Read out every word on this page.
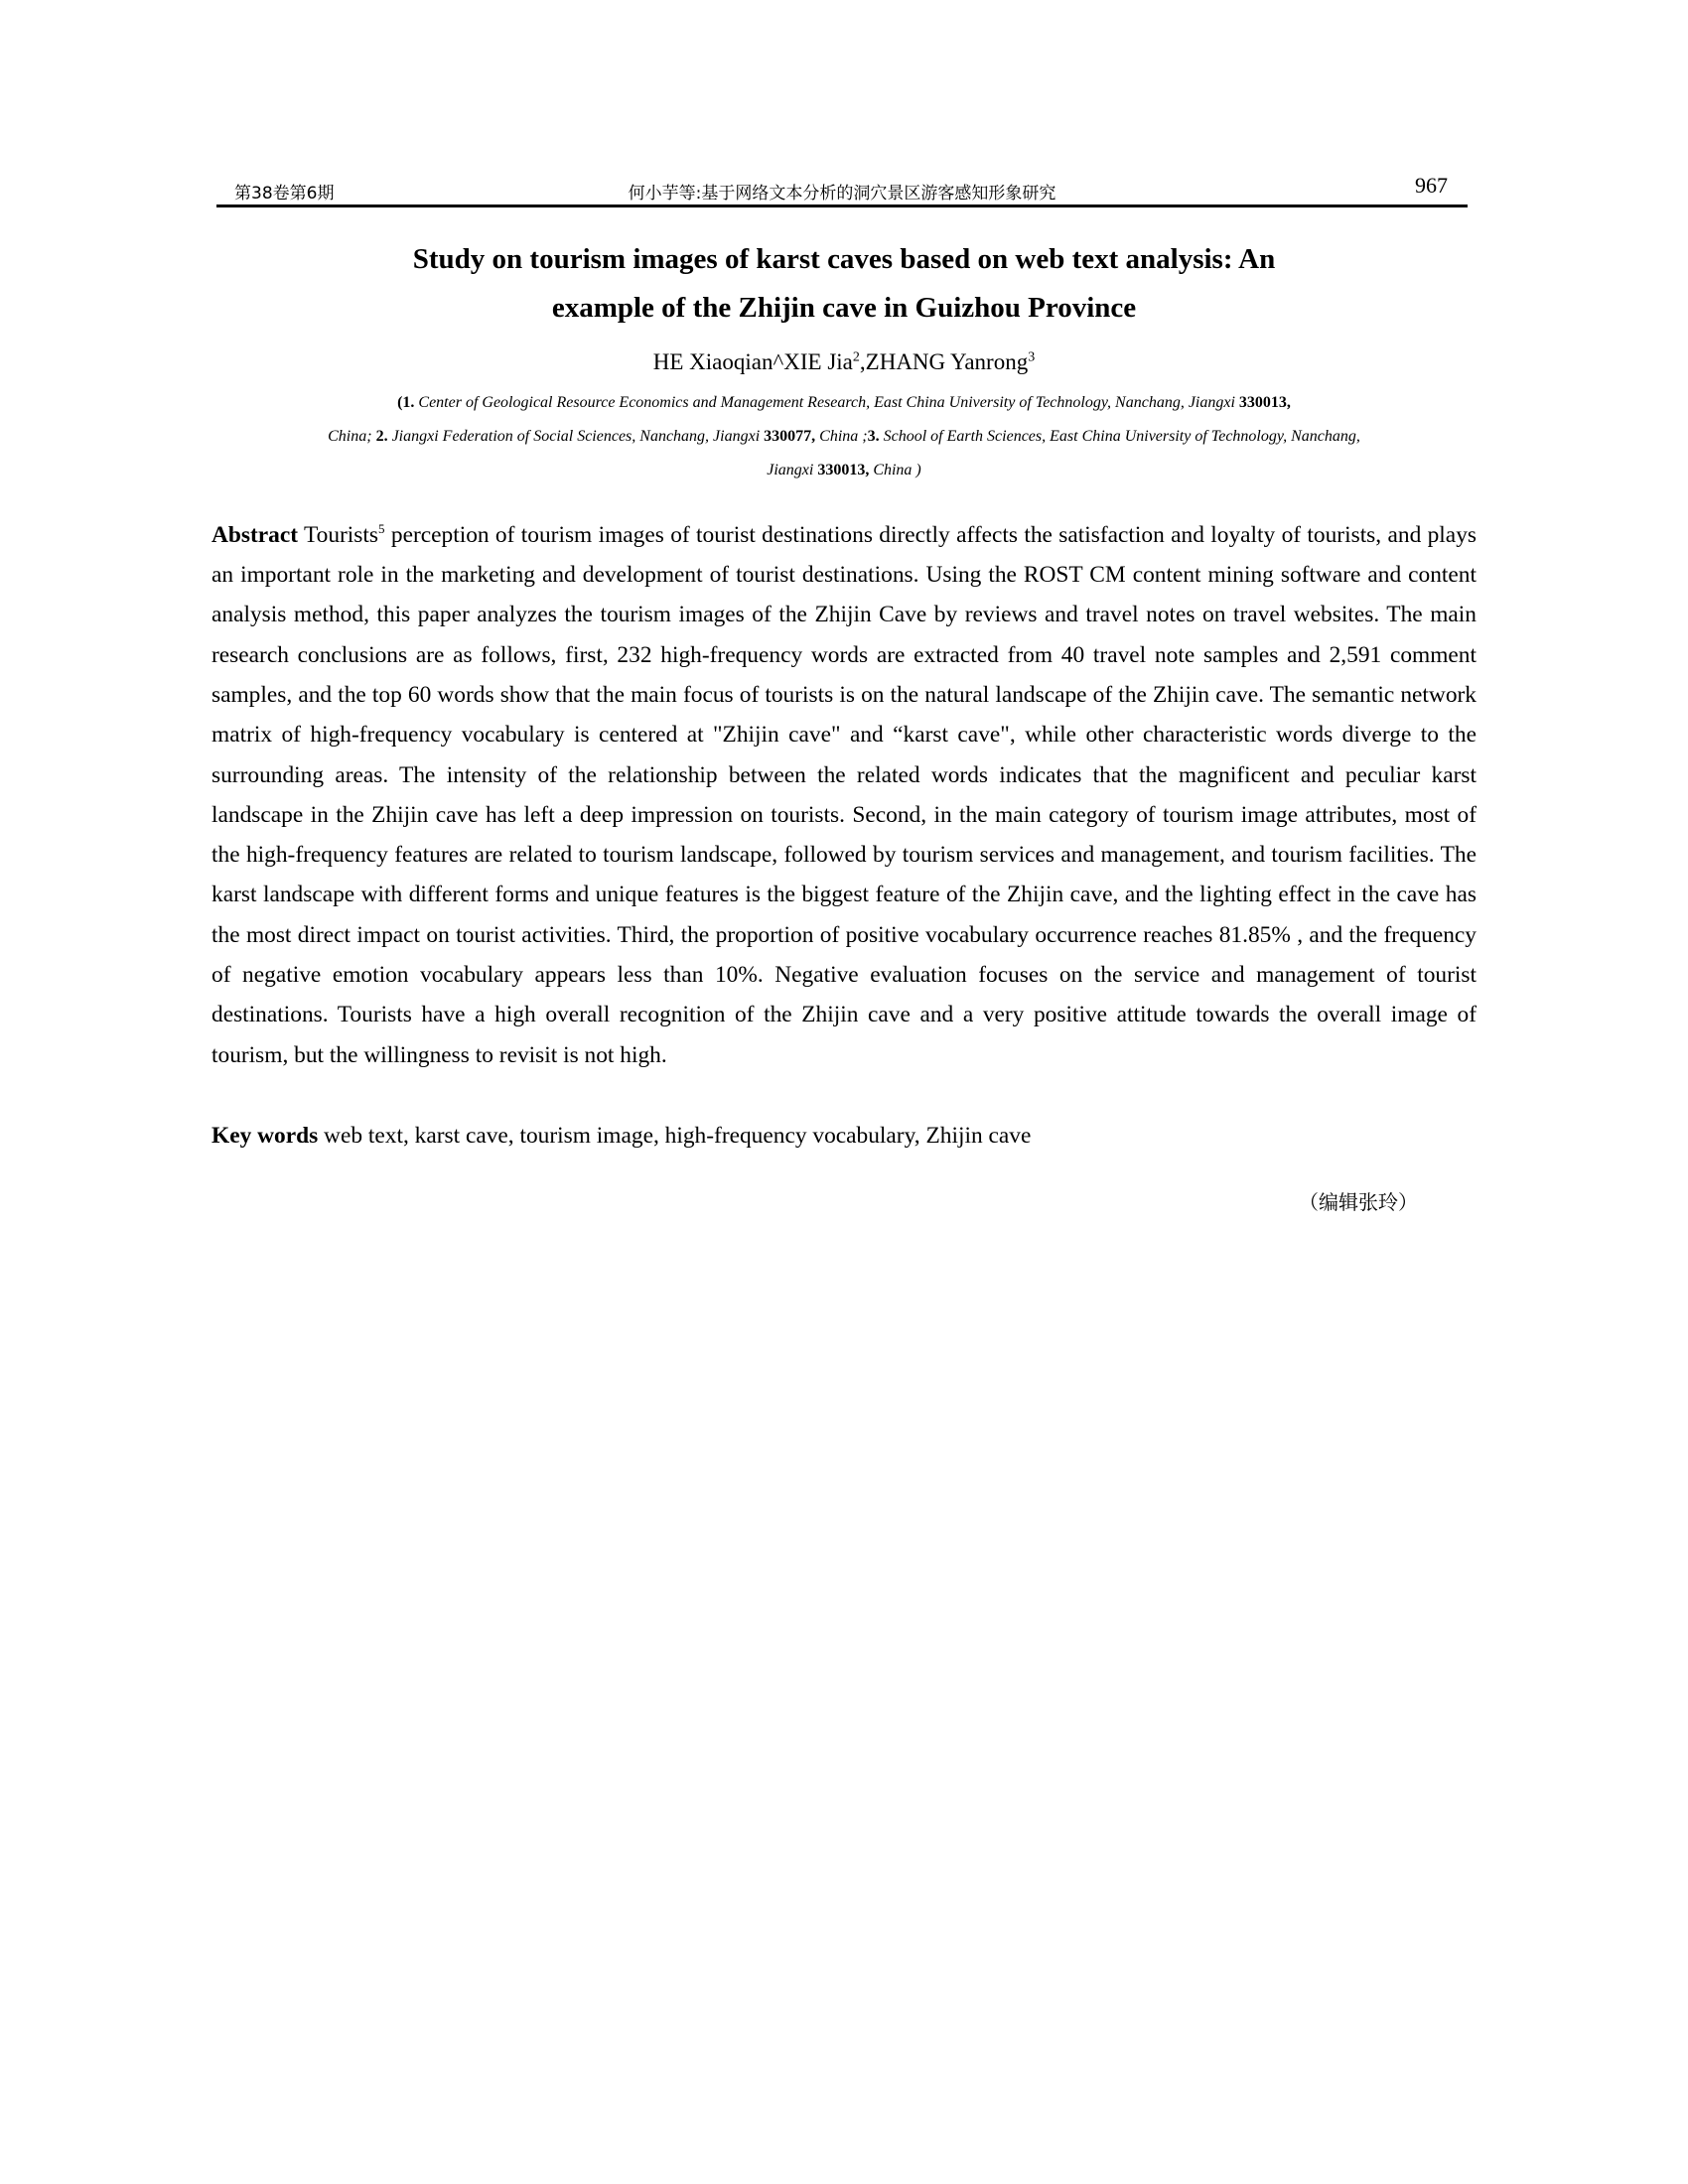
第38卷第6期	何小芋等:基于网络文本分析的洞穴景区游客感知形象研究	967
Study on tourism images of karst caves based on web text analysis: An
example of the Zhijin cave in Guizhou Province
HE Xiaoqian^XIE Jia$^2$,ZHANG Yanrong$^3$
(1. Center of Geological Resource Economics and Management Research, East China University of Technology, Nanchang, Jiangxi 330013,
China; 2. Jiangxi Federation of Social Sciences, Nanchang, Jiangxi 330077, China ;3. School of Earth Sciences, East China University of Technology, Nanchang, Jiangxi 330013, China )
Abstract Tourists$^5$ perception of tourism images of tourist destinations directly affects the satisfaction and loyalty of tourists, and plays an important role in the marketing and development of tourist destinations. Using the ROST CM content mining software and content analysis method, this paper analyzes the tourism images of the Zhijin Cave by reviews and travel notes on travel websites. The main research conclusions are as follows, first, 232 high-frequency words are extracted from 40 travel note samples and 2,591 comment samples, and the top 60 words show that the main focus of tourists is on the natural landscape of the Zhijin cave. The semantic network matrix of high-frequency vocabulary is centered at "Zhijin cave" and “karst cave", while other characteristic words diverge to the surrounding areas. The intensity of the relationship between the related words indicates that the magnificent and peculiar karst landscape in the Zhijin cave has left a deep impression on tourists. Second, in the main category of tourism image attributes, most of the high-frequency features are related to tourism landscape, followed by tourism services and management, and tourism facilities. The karst landscape with different forms and unique features is the biggest feature of the Zhijin cave, and the lighting effect in the cave has the most direct impact on tourist activities. Third, the proportion of positive vocabulary occurrence reaches 81.85% , and the frequency of negative emotion vocabulary appears less than 10%. Negative evaluation focuses on the service and management of tourist destinations. Tourists have a high overall recognition of the Zhijin cave and a very positive attitude towards the overall image of tourism, but the willingness to revisit is not high.
Key words web text, karst cave, tourism image, high-frequency vocabulary, Zhijin cave
（编辑张玲）
